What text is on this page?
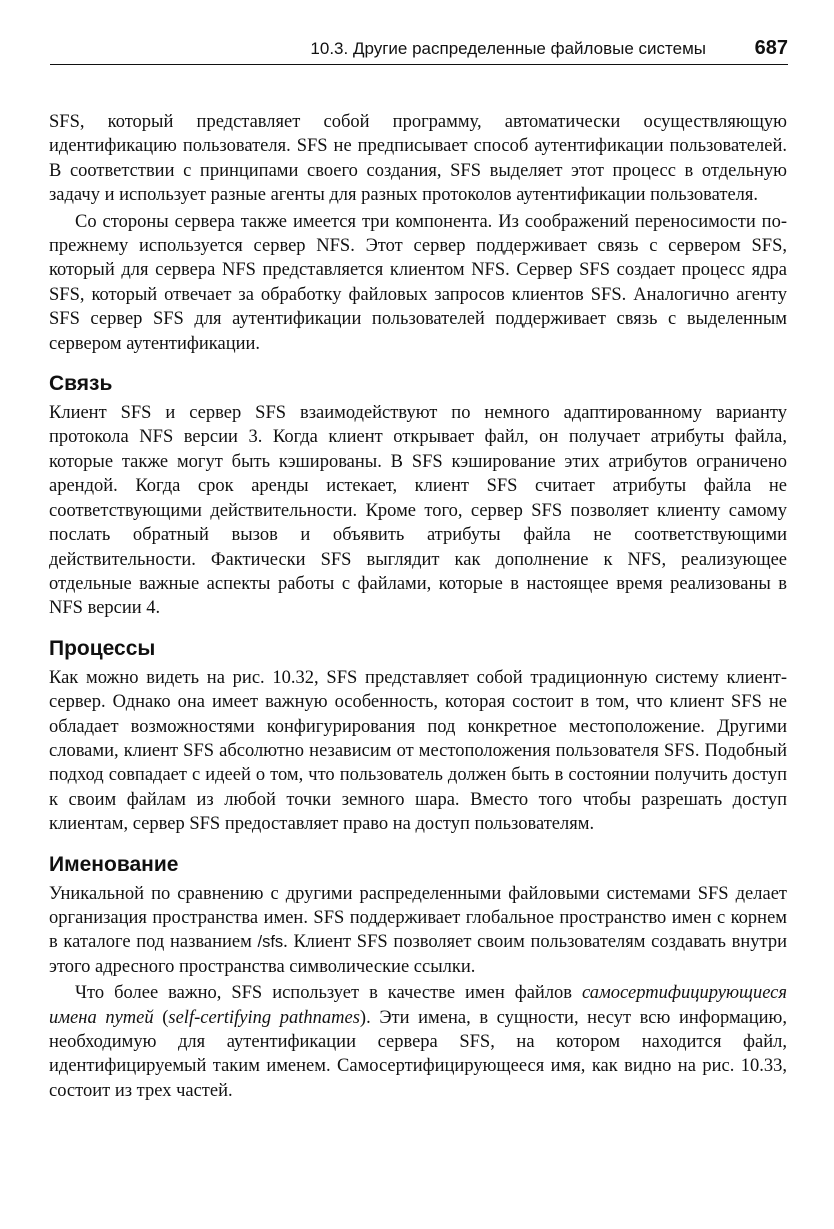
10.3. Другие распределенные файловые системы 687

SFS, который представляет собой программу, автоматически осуществляющую идентификацию пользователя. SFS не предписывает способ аутентификации пользователей. В соответствии с принципами своего создания, SFS выделяет этот процесс в отдельную задачу и использует разные агенты для разных протоколов аутентификации пользователя.

Со стороны сервера также имеется три компонента. Из соображений переносимости по-прежнему используется сервер NFS. Этот сервер поддерживает связь с сервером SFS, который для сервера NFS представляется клиентом NFS. Сервер SFS создает процесс ядра SFS, который отвечает за обработку файловых запросов клиентов SFS. Аналогично агенту SFS сервер SFS для аутентификации пользователей поддерживает связь с выделенным сервером аутентификации.

Связь

Клиент SFS и сервер SFS взаимодействуют по немного адаптированному варианту протокола NFS версии 3. Когда клиент открывает файл, он получает атрибуты файла, которые также могут быть кэшированы. В SFS кэширование этих атрибутов ограничено арендой. Когда срок аренды истекает, клиент SFS считает атрибуты файла не соответствующими действительности. Кроме того, сервер SFS позволяет клиенту самому послать обратный вызов и объявить атрибуты файла не соответствующими действительности. Фактически SFS выглядит как дополнение к NFS, реализующее отдельные важные аспекты работы с файлами, которые в настоящее время реализованы в NFS версии 4.

Процессы

Как можно видеть на рис. 10.32, SFS представляет собой традиционную систему клиент-сервер. Однако она имеет важную особенность, которая состоит в том, что клиент SFS не обладает возможностями конфигурирования под конкретное местоположение. Другими словами, клиент SFS абсолютно независим от местоположения пользователя SFS. Подобный подход совпадает с идеей о том, что пользователь должен быть в состоянии получить доступ к своим файлам из любой точки земного шара. Вместо того чтобы разрешать доступ клиентам, сервер SFS предоставляет право на доступ пользователям.

Именование

Уникальной по сравнению с другими распределенными файловыми системами SFS делает организация пространства имен. SFS поддерживает глобальное пространство имен с корнем в каталоге под названием /sfs. Клиент SFS позволяет своим пользователям создавать внутри этого адресного пространства символические ссылки.

Что более важно, SFS использует в качестве имен файлов самосертифицирующиеся имена путей (self-certifying pathnames). Эти имена, в сущности, несут всю информацию, необходимую для аутентификации сервера SFS, на котором находится файл, идентифицируемый таким именем. Самосертифицирующееся имя, как видно на рис. 10.33, состоит из трех частей.
